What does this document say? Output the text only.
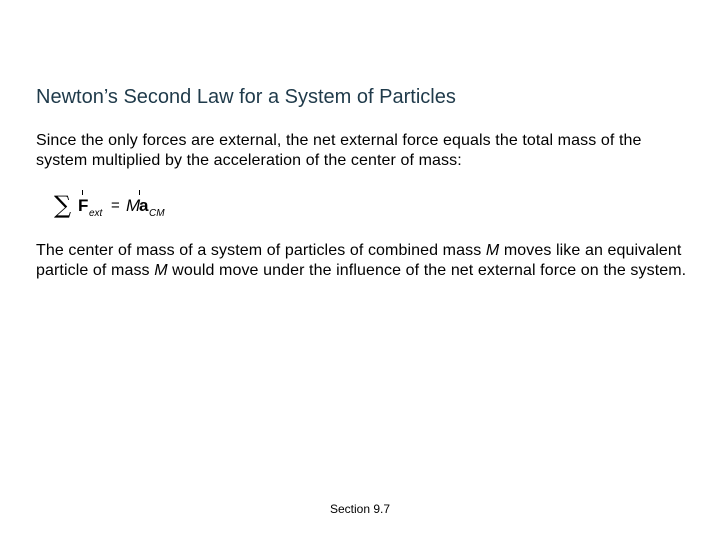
Newton’s Second Law for a System of Particles
Since the only forces are external, the net external force equals the total mass of the system multiplied by the acceleration of the center of mass:
∑ F ext = M
a CM
The center of mass of a system of particles of combined mass M moves like an equivalent particle of mass M would move under the influence of the net external force on the system.
Section 9.7
